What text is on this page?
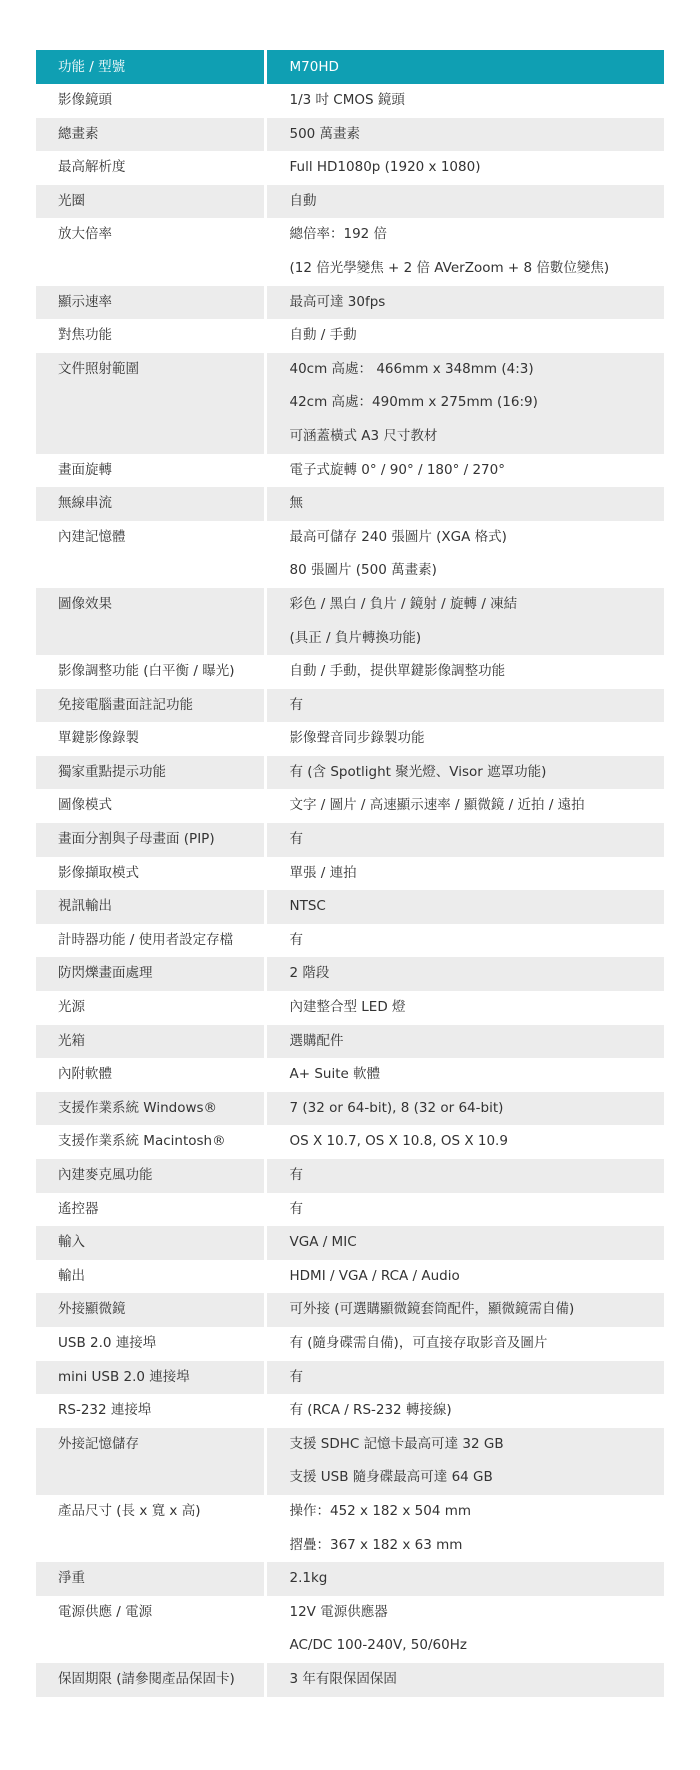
功能 / 型號	M70HD

影像鏡頭	1/3 吋 CMOS 鏡頭

總畫素	500 萬畫素

最高解析度	Full HD1080p (1920 x 1080)

光圈	自動

放大倍率	總倍率：192 倍
(12 倍光學變焦 + 2 倍 AVerZoom + 8 倍數位變焦)

顯示速率	最高可達 30fps

對焦功能	自動 / 手動

文件照射範圍	40cm 高處： 466mm x 348mm (4:3)
42cm 高處：490mm x 275mm (16:9)
可涵蓋橫式 A3 尺寸教材

畫面旋轉	電子式旋轉 0° / 90° / 180° / 270°

無線串流	無

內建記憶體	最高可儲存 240 張圖片 (XGA 格式)
80 張圖片 (500 萬畫素)

圖像效果	彩色 / 黑白 / 負片 / 鏡射 / 旋轉 / 凍結
(具正 / 負片轉換功能)

影像調整功能 (白平衡 / 曝光)	自動 / 手動，提供單鍵影像調整功能

免接電腦畫面註記功能	有

單鍵影像錄製	影像聲音同步錄製功能

獨家重點提示功能	有 (含 Spotlight 聚光燈、Visor 遮罩功能)

圖像模式	文字 / 圖片 / 高速顯示速率 / 顯微鏡 / 近拍 / 遠拍

畫面分割與子母畫面 (PIP)	有

影像擷取模式	單張 / 連拍

視訊輸出	NTSC

計時器功能 / 使用者設定存檔	有

防閃爍畫面處理	2 階段

光源	內建整合型 LED 燈

光箱	選購配件

內附軟體	A+ Suite 軟體

支援作業系統 Windows®	7 (32 or 64-bit), 8 (32 or 64-bit)

支援作業系統 Macintosh®	OS X 10.7, OS X 10.8, OS X 10.9

內建麥克風功能	有

遙控器	有

輸入	VGA / MIC

輸出	HDMI / VGA / RCA / Audio

外接顯微鏡	可外接 (可選購顯微鏡套筒配件，顯微鏡需自備)

USB 2.0 連接埠	有 (隨身碟需自備)，可直接存取影音及圖片

mini USB 2.0 連接埠	有

RS-232 連接埠	有 (RCA / RS-232 轉接線)

外接記憶儲存	支援 SDHC 記憶卡最高可達 32 GB
支援 USB 隨身碟最高可達 64 GB

產品尺寸 (長 x 寬 x 高)	操作：452 x 182 x 504 mm
摺疊：367 x 182 x 63 mm

淨重	2.1kg

電源供應 / 電源	12V 電源供應器
AC/DC 100-240V, 50/60Hz

保固期限 (請參閱產品保固卡)	3 年有限保固保固
